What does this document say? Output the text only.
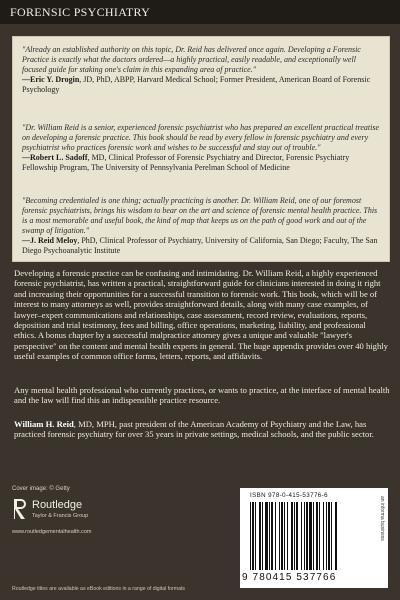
FORENSIC PSYCHIATRY
"Already an established authority on this topic, Dr. Reid has delivered once again. Developing a Forensic Practice is exactly what the doctors ordered—a highly practical, easily readable, and exceptionally well focused guide for staking one's claim in this expanding area of practice."
—Eric Y. Drogin, JD, PhD, ABPP, Harvard Medical School; Former President, American Board of Forensic Psychology
"Dr. William Reid is a senior, experienced forensic psychiatrist who has prepared an excellent practical treatise on developing a forensic practice. This book should be read by every fellow in forensic psychiatry and every psychiatrist who practices forensic work and wishes to be successful and stay out of trouble."
—Robert L. Sadoff, MD, Clinical Professor of Forensic Psychiatry and Director, Forensic Psychiatry Fellowship Program, The University of Pennsylvania Perelman School of Medicine
"Becoming credentialed is one thing; actually practicing is another. Dr. William Reid, one of our foremost forensic psychiatrists, brings his wisdom to bear on the art and science of forensic mental health practice. This is a most memorable and useful book, the kind of map that keeps us on the path of good work and out of the swamp of litigation."
—J. Reid Meloy, PhD, Clinical Professor of Psychiatry, University of California, San Diego; Faculty, The San Diego Psychoanalytic Institute
Developing a forensic practice can be confusing and intimidating. Dr. William Reid, a highly experienced forensic psychiatrist, has written a practical, straightforward guide for clinicians interested in doing it right and increasing their opportunities for a successful transition to forensic work. This book, which will be of interest to many attorneys as well, provides straightforward details, along with many case examples, of lawyer–expert communications and relationships, case assessment, record review, evaluations, reports, deposition and trial testimony, fees and billing, office operations, marketing, liability, and professional ethics. A bonus chapter by a successful malpractice attorney gives a unique and valuable "lawyer's perspective" on the content and mental health experts in general. The huge appendix provides over 40 highly useful examples of common office forms, letters, reports, and affidavits.
Any mental health professional who currently practices, or wants to practice, at the interface of mental health and the law will find this an indispensible practice resource.
William H. Reid, MD, MPH, past president of the American Academy of Psychiatry and the Law, has practiced forensic psychiatry for over 35 years in private settings, medical schools, and the public sector.
Cover image: © Getty
Routledge
Taylor & Francis Group
www.routledgementalhealth.com
Routledge titles are available as eBook editions in a range of digital formats
ISBN 978-0-415-53776-6
9 780415 537766
an informa business
